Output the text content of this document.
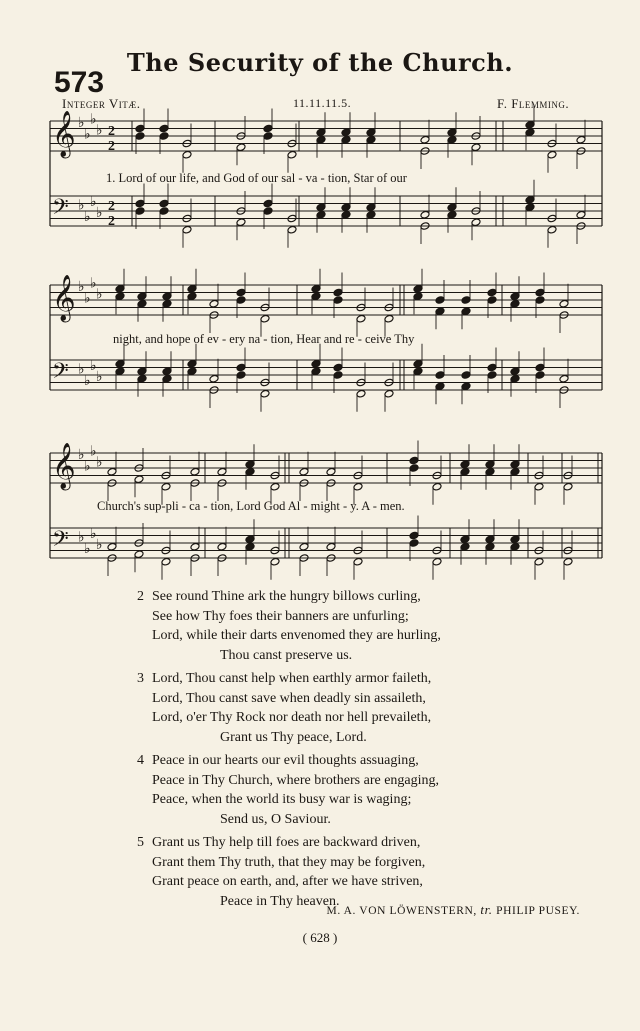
The Security of the Church.
573
Integer Vitæ.	11.11.11.5.	F. Flemming.
𝄞 ♭
♭
♭
♭ 2
2
𝄢 ♭
♭
♭
♭ 2
2
𝄞 ♭
♭
♭
♭
𝄢 ♭
♭
♭
♭
𝄞 ♭
♭
♭
♭
𝄢 ♭
♭
♭
♭
1. Lord of our life, and God of our sal - va - tion, Star of our
night, and hope of ev - ery na - tion, Hear and re - ceive Thy
Church's sup-pli - ca - tion, Lord God Al - might - y. A - men.
2 See round Thine ark the hungry billows curling,
See how Thy foes their banners are unfurling;
Lord, while their darts envenomed they are hurling,
Thou canst preserve us.
3 Lord, Thou canst help when earthly armor faileth,
Lord, Thou canst save when deadly sin assaileth,
Lord, o'er Thy Rock nor death nor hell prevaileth,
Grant us Thy peace, Lord.
4 Peace in our hearts our evil thoughts assuaging,
Peace in Thy Church, where brothers are engaging,
Peace, when the world its busy war is waging;
Send us, O Saviour.
5 Grant us Thy help till foes are backward driven,
Grant them Thy truth, that they may be forgiven,
Grant peace on earth, and, after we have striven,
Peace in Thy heaven.
M. A. VON LÖWENSTERN, tr. PHILIP PUSEY.
( 628 )
